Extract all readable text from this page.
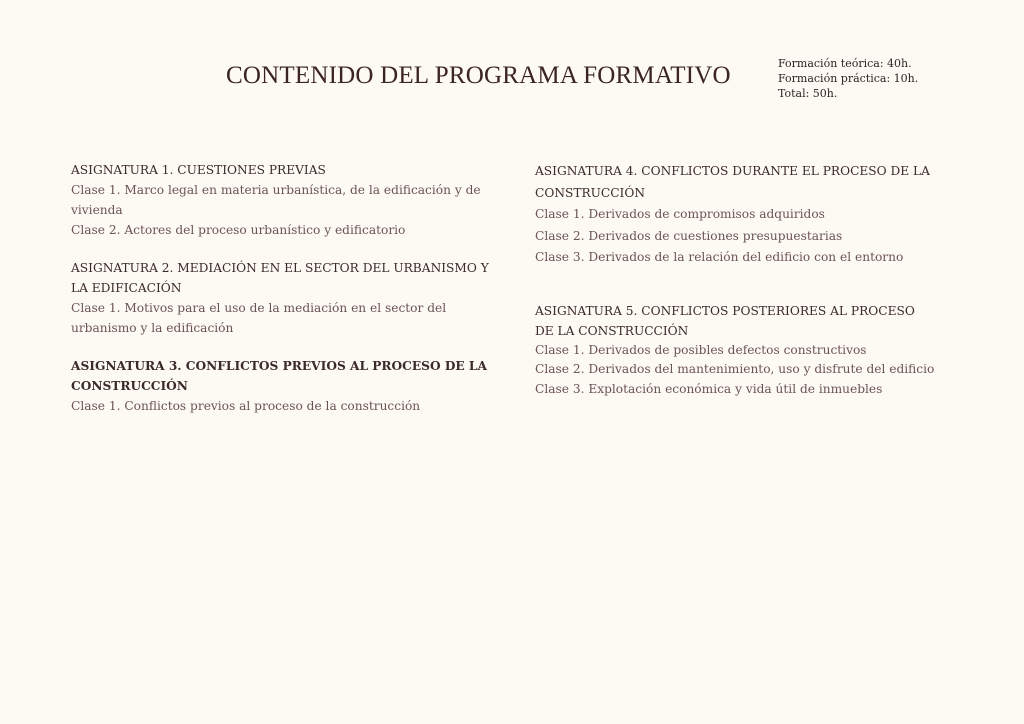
CONTENIDO DEL PROGRAMA FORMATIVO	Formación teórica: 40h.
Formación práctica: 10h.
Total: 50h.
ASIGNATURA 1. CUESTIONES PREVIAS
Clase 1. Marco legal en materia urbanística, de la edificación y de vivienda
Clase 2. Actores del proceso urbanístico y edificatorio
ASIGNATURA 2. MEDIACIÓN EN EL SECTOR DEL URBANISMO Y LA EDIFICACIÓN
Clase 1. Motivos para el uso de la mediación en el sector del urbanismo y la edificación
ASIGNATURA 3. CONFLICTOS PREVIOS AL PROCESO DE LA CONSTRUCCIÓN
Clase 1. Conflictos previos al proceso de la construcción
ASIGNATURA 4. CONFLICTOS DURANTE EL PROCESO DE LA CONSTRUCCIÓN
Clase 1. Derivados de compromisos adquiridos
Clase 2. Derivados de cuestiones presupuestarias
Clase 3. Derivados de la relación del edificio con el entorno
ASIGNATURA 5. CONFLICTOS POSTERIORES AL PROCESO DE LA CONSTRUCCIÓN
Clase 1. Derivados de posibles defectos constructivos
Clase 2. Derivados del mantenimiento, uso y disfrute del edificio
Clase 3. Explotación económica y vida útil de inmuebles
